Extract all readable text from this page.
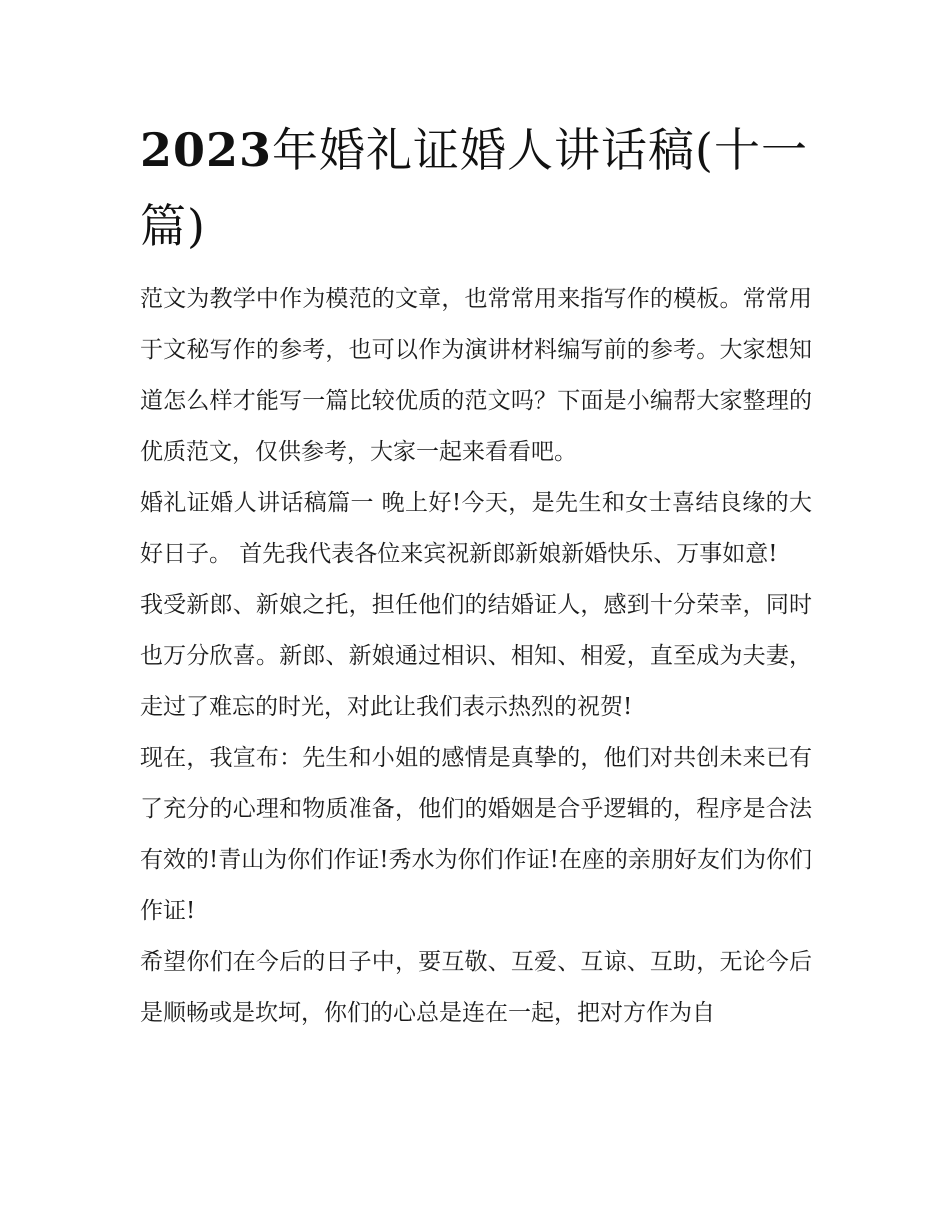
2023年婚礼证婚人讲话稿(十一篇)

范文为教学中作为模范的文章，也常常用来指写作的模板。常常用于文秘写作的参考，也可以作为演讲材料编写前的参考。大家想知道怎么样才能写一篇比较优质的范文吗？下面是小编帮大家整理的优质范文，仅供参考，大家一起来看看吧。

婚礼证婚人讲话稿篇一 晚上好!今天，是先生和女士喜结良缘的大好日子。 首先我代表各位来宾祝新郎新娘新婚快乐、万事如意!

我受新郎、新娘之托，担任他们的结婚证人，感到十分荣幸，同时也万分欣喜。新郎、新娘通过相识、相知、相爱，直至成为夫妻，走过了难忘的时光，对此让我们表示热烈的祝贺!

现在，我宣布：先生和小姐的感情是真挚的，他们对共创未来已有了充分的心理和物质准备，他们的婚姻是合乎逻辑的，程序是合法有效的!青山为你们作证!秀水为你们作证!在座的亲朋好友们为你们作证!

希望你们在今后的日子中，要互敬、互爱、互谅、互助，无论今后是顺畅或是坎坷，你们的心总是连在一起，把对方作为自
